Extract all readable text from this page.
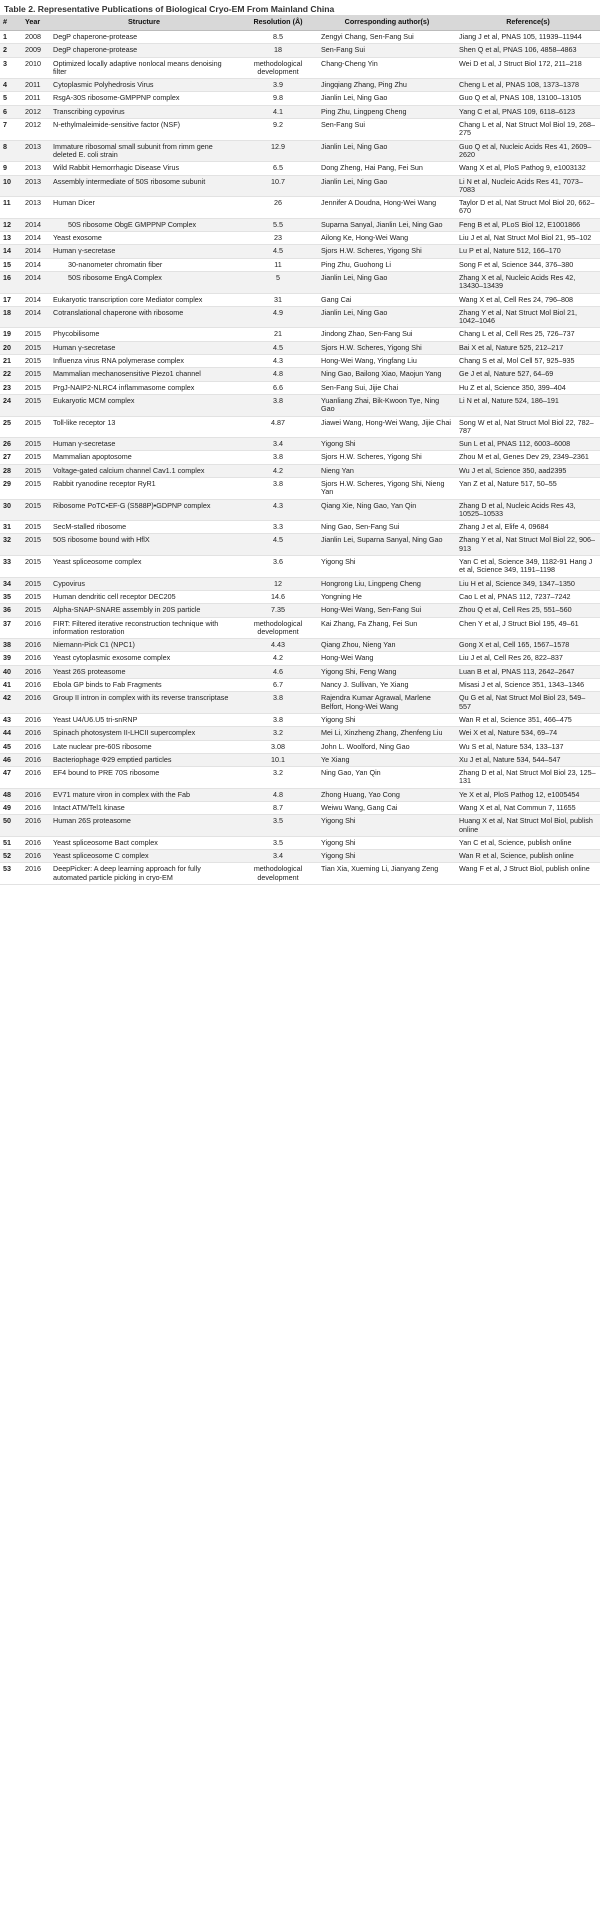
Table 2. Representative Publications of Biological Cryo-EM From Mainland China
#	Year	Structure	Resolution (Å)	Corresponding author(s)	Reference(s)
1	2008	DegP chaperone-protease	8.5	Zengyi Chang, Sen-Fang Sui	Jiang J et al, PNAS 105, 11939–11944
2	2009	DegP chaperone-protease	18	Sen-Fang Sui	Shen Q et al, PNAS 106, 4858–4863
3	2010	Optimized locally adaptive nonlocal means denoising filter	methodological development	Chang-Cheng Yin	Wei D et al, J Struct Biol 172, 211–218
4	2011	Cytoplasmic Polyhedrosis Virus	3.9	Jingqiang Zhang, Ping Zhu	Cheng L et al, PNAS 108, 1373–1378
5	2011	RsgA-30S ribosome-GMPPNP complex	9.8	Jianlin Lei, Ning Gao	Guo Q et al, PNAS 108, 13100–13105
6	2012	Transcribing cypovirus	4.1	Ping Zhu, Lingpeng Cheng	Yang C et al, PNAS 109, 6118–6123
7	2012	N-ethylmaleimide-sensitive factor (NSF)	9.2	Sen-Fang Sui	Chang L et al, Nat Struct Mol Biol 19, 268–275
8	2013	Immature ribosomal small subunit from rimm gene deleted E. coli strain	12.9	Jianlin Lei, Ning Gao	Guo Q et al, Nucleic Acids Res 41, 2609–2620
9	2013	Wild Rabbit Hemorrhagic Disease Virus	6.5	Dong Zheng, Hai Pang, Fei Sun	Wang X et al, PloS Pathog 9, e1003132
10	2013	Assembly intermediate of 50S ribosome subunit	10.7	Jianlin Lei, Ning Gao	Li N et al, Nucleic Acids Res 41, 7073–7083
11	2013	Human Dicer	26	Jennifer A Doudna, Hong-Wei Wang	Taylor D et al, Nat Struct Mol Biol 20, 662–670
12	2014	50S ribosome ObgE GMPPNP Complex	5.5	Suparna Sanyal, Jianlin Lei, Ning Gao	Feng B et al, PLoS Biol 12, E1001866
13	2014	Yeast exosome	23	Ailong Ke, Hong-Wei Wang	Liu J et al, Nat Struct Mol Biol 21, 95–102
14	2014	Human γ-secretase	4.5	Sjors H.W. Scheres, Yigong Shi	Lu P et al, Nature 512, 166–170
15	2014	30-nanometer chromatin fiber	11	Ping Zhu, Guohong Li	Song F et al, Science 344, 376–380
16	2014	50S ribosome EngA Complex	5	Jianlin Lei, Ning Gao	Zhang X et al, Nucleic Acids Res 42, 13430–13439
17	2014	Eukaryotic transcription core Mediator complex	31	Gang Cai	Wang X et al, Cell Res 24, 796–808
18	2014	Cotranslational chaperone with ribosome	4.9	Jianlin Lei, Ning Gao	Zhang Y et al, Nat Struct Mol Biol 21, 1042–1046
19	2015	Phycobilisome	21	Jindong Zhao, Sen-Fang Sui	Chang L et al, Cell Res 25, 726–737
20	2015	Human γ-secretase	4.5	Sjors H.W. Scheres, Yigong Shi	Bai X et al, Nature 525, 212–217
21	2015	Influenza virus RNA polymerase complex	4.3	Hong-Wei Wang, Yingfang Liu	Chang S et al, Mol Cell 57, 925–935
22	2015	Mammalian mechanosensitive Piezo1 channel	4.8	Ning Gao, Bailong Xiao, Maojun Yang	Ge J et al, Nature 527, 64–69
23	2015	PrgJ-NAIP2-NLRC4 inflammasome complex	6.6	Sen-Fang Sui, Jijie Chai	Hu Z et al, Science 350, 399–404
24	2015	Eukaryotic MCM complex	3.8	Yuanliang Zhai, Bik-Kwoon Tye, Ning Gao	Li N et al, Nature 524, 186–191
25	2015	Toll-like receptor 13	4.87	Jiawei Wang, Hong-Wei Wang, Jijie Chai	Song W et al, Nat Struct Mol Biol 22, 782–787
26	2015	Human γ-secretase	3.4	Yigong Shi	Sun L et al, PNAS 112, 6003–6008
27	2015	Mammalian apoptosome	3.8	Sjors H.W. Scheres, Yigong Shi	Zhou M et al, Genes Dev 29, 2349–2361
28	2015	Voltage-gated calcium channel Cav1.1 complex	4.2	Nieng Yan	Wu J et al, Science 350, aad2395
29	2015	Rabbit ryanodine receptor RyR1	3.8	Sjors H.W. Scheres, Yigong Shi, Nieng Yan	Yan Z et al, Nature 517, 50–55
30	2015	Ribosome PoTC•EF-G (S588P)•GDPNP complex	4.3	Qiang Xie, Ning Gao, Yan Qin	Zhang D et al, Nucleic Acids Res 43, 10525–10533
31	2015	SecM-stalled ribosome	3.3	Ning Gao, Sen-Fang Sui	Zhang J et al, Elife 4, 09684
32	2015	50S ribosome bound with HflX	4.5	Jianlin Lei, Suparna Sanyal, Ning Gao	Zhang Y et al, Nat Struct Mol Biol 22, 906–913
33	2015	Yeast spliceosome complex	3.6	Yigong Shi	Yan C et al, Science 349, 1182-91 Hang J et al, Science 349, 1191–1198
34	2015	Cypovirus	12	Hongrong Liu, Lingpeng Cheng	Liu H et al, Science 349, 1347–1350
35	2015	Human dendritic cell receptor DEC205	14.6	Yongning He	Cao L et al, PNAS 112, 7237–7242
36	2015	Alpha-SNAP-SNARE assembly in 20S particle	7.35	Hong-Wei Wang, Sen-Fang Sui	Zhou Q et al, Cell Res 25, 551–560
37	2016	FIRT: Filtered iterative reconstruction technique with information restoration	methodological development	Kai Zhang, Fa Zhang, Fei Sun	Chen Y et al, J Struct Biol 195, 49–61
38	2016	Niemann-Pick C1 (NPC1)	4.43	Qiang Zhou, Nieng Yan	Gong X et al, Cell 165, 1567–1578
39	2016	Yeast cytoplasmic exosome complex	4.2	Hong-Wei Wang	Liu J et al, Cell Res 26, 822–837
40	2016	Yeast 26S proteasome	4.6	Yigong Shi, Feng Wang	Luan B et al, PNAS 113, 2642–2647
41	2016	Ebola GP binds to Fab Fragments	6.7	Nancy J. Sullivan, Ye Xiang	Misasi J et al, Science 351, 1343–1346
42	2016	Group II intron in complex with its reverse transcriptase	3.8	Rajendra Kumar Agrawal, Marlene Belfort, Hong-Wei Wang	Qu G et al, Nat Struct Mol Biol 23, 549–557
43	2016	Yeast U4/U6.U5 tri-snRNP	3.8	Yigong Shi	Wan R et al, Science 351, 466–475
44	2016	Spinach photosystem II-LHCII supercomplex	3.2	Mei Li, Xinzheng Zhang, Zhenfeng Liu	Wei X et al, Nature 534, 69–74
45	2016	Late nuclear pre-60S ribosome	3.08	John L. Woolford, Ning Gao	Wu S et al, Nature 534, 133–137
46	2016	Bacteriophage Φ29 emptied particles	10.1	Ye Xiang	Xu J et al, Nature 534, 544–547
47	2016	EF4 bound to PRE 70S ribosome	3.2	Ning Gao, Yan Qin	Zhang D et al, Nat Struct Mol Biol 23, 125–131
48	2016	EV71 mature viron in complex with the Fab	4.8	Zhong Huang, Yao Cong	Ye X et al, PloS Pathog 12, e1005454
49	2016	Intact ATM/Tel1 kinase	8.7	Weiwu Wang, Gang Cai	Wang X et al, Nat Commun 7, 11655
50	2016	Human 26S proteasome	3.5	Yigong Shi	Huang X et al, Nat Struct Mol Biol, publish online
51	2016	Yeast spliceosome Bact complex	3.5	Yigong Shi	Yan C et al, Science, publish online
52	2016	Yeast spliceosome C complex	3.4	Yigong Shi	Wan R et al, Science, publish online
53	2016	DeepPicker: A deep learning approach for fully automated particle picking in cryo-EM	methodological development	Tian Xia, Xueming Li, Jianyang Zeng	Wang F et al, J Struct Biol, publish online
